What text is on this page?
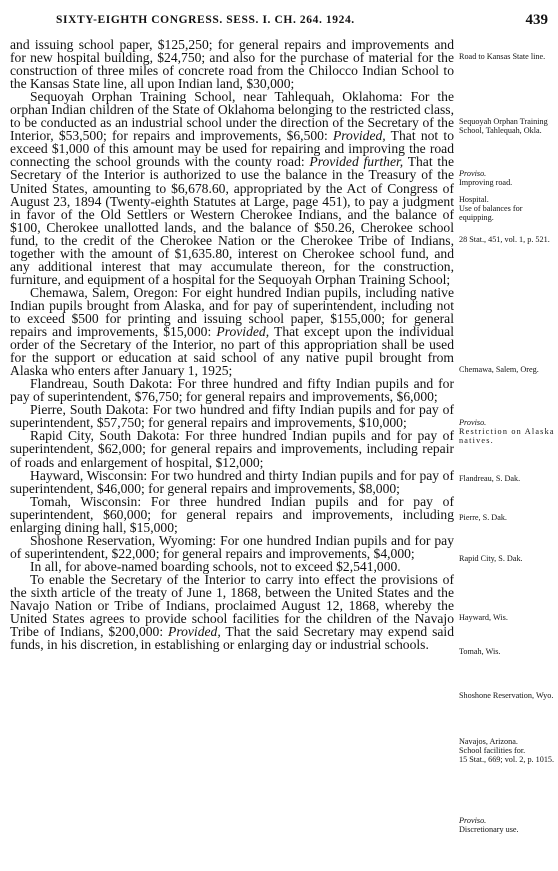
SIXTY-EIGHTH CONGRESS. SESS. I. CH. 264. 1924.	439

and issuing school paper, $125,250; for general repairs and improvements and for new hospital building, $24,750; and also for the purchase of material for the construction of three miles of concrete road from the Chilocco Indian School to the Kansas State line, all upon Indian land, $30,000;

Sequoyah Orphan Training School, near Tahlequah, Oklahoma: For the orphan Indian children of the State of Oklahoma belonging to the restricted class, to be conducted as an industrial school under the direction of the Secretary of the Interior, $53,500; for repairs and improvements, $6,500: Provided, That not to exceed $1,000 of this amount may be used for repairing and improving the road connecting the school grounds with the county road: Provided further, That the Secretary of the Interior is authorized to use the balance in the Treasury of the United States, amounting to $6,678.60, appropriated by the Act of Congress of August 23, 1894 (Twenty-eighth Statutes at Large, page 451), to pay a judgment in favor of the Old Settlers or Western Cherokee Indians, and the balance of $100, Cherokee unallotted lands, and the balance of $50.26, Cherokee school fund, to the credit of the Cherokee Nation or the Cherokee Tribe of Indians, together with the amount of $1,635.80, interest on Cherokee school fund, and any additional interest that may accumulate thereon, for the construction, furniture, and equipment of a hospital for the Sequoyah Orphan Training School;

Chemawa, Salem, Oregon: For eight hundred Indian pupils, including native Indian pupils brought from Alaska, and for pay of superintendent, including not to exceed $500 for printing and issuing school paper, $155,000; for general repairs and improvements, $15,000: Provided, That except upon the individual order of the Secretary of the Interior, no part of this appropriation shall be used for the support or education at said school of any native pupil brought from Alaska who enters after January 1, 1925;

Flandreau, South Dakota: For three hundred and fifty Indian pupils and for pay of superintendent, $76,750; for general repairs and improvements, $6,000;

Pierre, South Dakota: For two hundred and fifty Indian pupils and for pay of superintendent, $57,750; for general repairs and improvements, $10,000;

Rapid City, South Dakota: For three hundred Indian pupils and for pay of superintendent, $62,000; for general repairs and improvements, including repair of roads and enlargement of hospital, $12,000;

Hayward, Wisconsin: For two hundred and thirty Indian pupils and for pay of superintendent, $46,000; for general repairs and improvements, $8,000;

Tomah, Wisconsin: For three hundred Indian pupils and for pay of superintendent, $60,000; for general repairs and improvements, including enlarging dining hall, $15,000;

Shoshone Reservation, Wyoming: For one hundred Indian pupils and for pay of superintendent, $22,000; for general repairs and improvements, $4,000;

In all, for above-named boarding schools, not to exceed $2,541,000.

To enable the Secretary of the Interior to carry into effect the provisions of the sixth article of the treaty of June 1, 1868, between the United States and the Navajo Nation or Tribe of Indians, proclaimed August 12, 1868, whereby the United States agrees to provide school facilities for the children of the Navajo Tribe of Indians, $200,000: Provided, That the said Secretary may expend said funds, in his discretion, in establishing or enlarging day or industrial schools.

Road to Kansas State line.
Sequoyah Orphan Training School, Tahlequah, Okla.
Proviso.
Improving road.
Hospital.
Use of balances for equipping.
28 Stat., 451, vol. 1, p. 521.
Chemawa, Salem, Oreg.
Proviso.
Restriction on Alaska natives.
Flandreau, S. Dak.
Pierre, S. Dak.
Rapid City, S. Dak.
Hayward, Wis.
Tomah, Wis.
Shoshone Reservation, Wyo.
Navajos, Arizona.
School facilities for.
15 Stat., 669; vol. 2, p. 1015.
Proviso.
Discretionary use.
